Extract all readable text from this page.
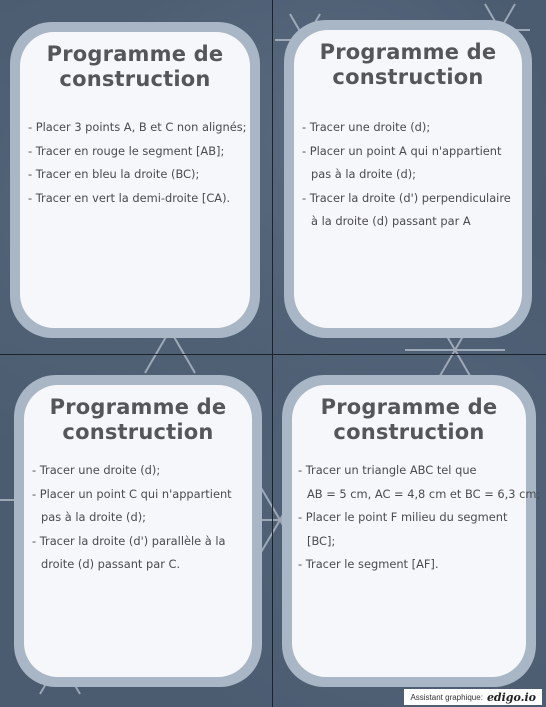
Programme de construction
- Placer 3 points A, B et C non alignés;
- Tracer en rouge le segment [AB];
- Tracer en bleu la droite (BC);
- Tracer en vert la demi-droite [CA).
Programme de construction
- Tracer une droite (d);
- Placer un point A qui n'appartient
pas à la droite (d);
- Tracer la droite (d') perpendiculaire
à la droite (d) passant par A
Programme de construction
- Tracer une droite (d);
- Placer un point C qui n'appartient
pas à la droite (d);
- Tracer la droite (d') parallèle à la
droite (d) passant par C.
Programme de construction
- Tracer un triangle ABC tel que
AB = 5 cm, AC = 4,8 cm et BC = 6,3 cm;
- Placer le point F milieu du segment
[BC];
- Tracer le segment [AF].
Assistant graphique: edigo.io
